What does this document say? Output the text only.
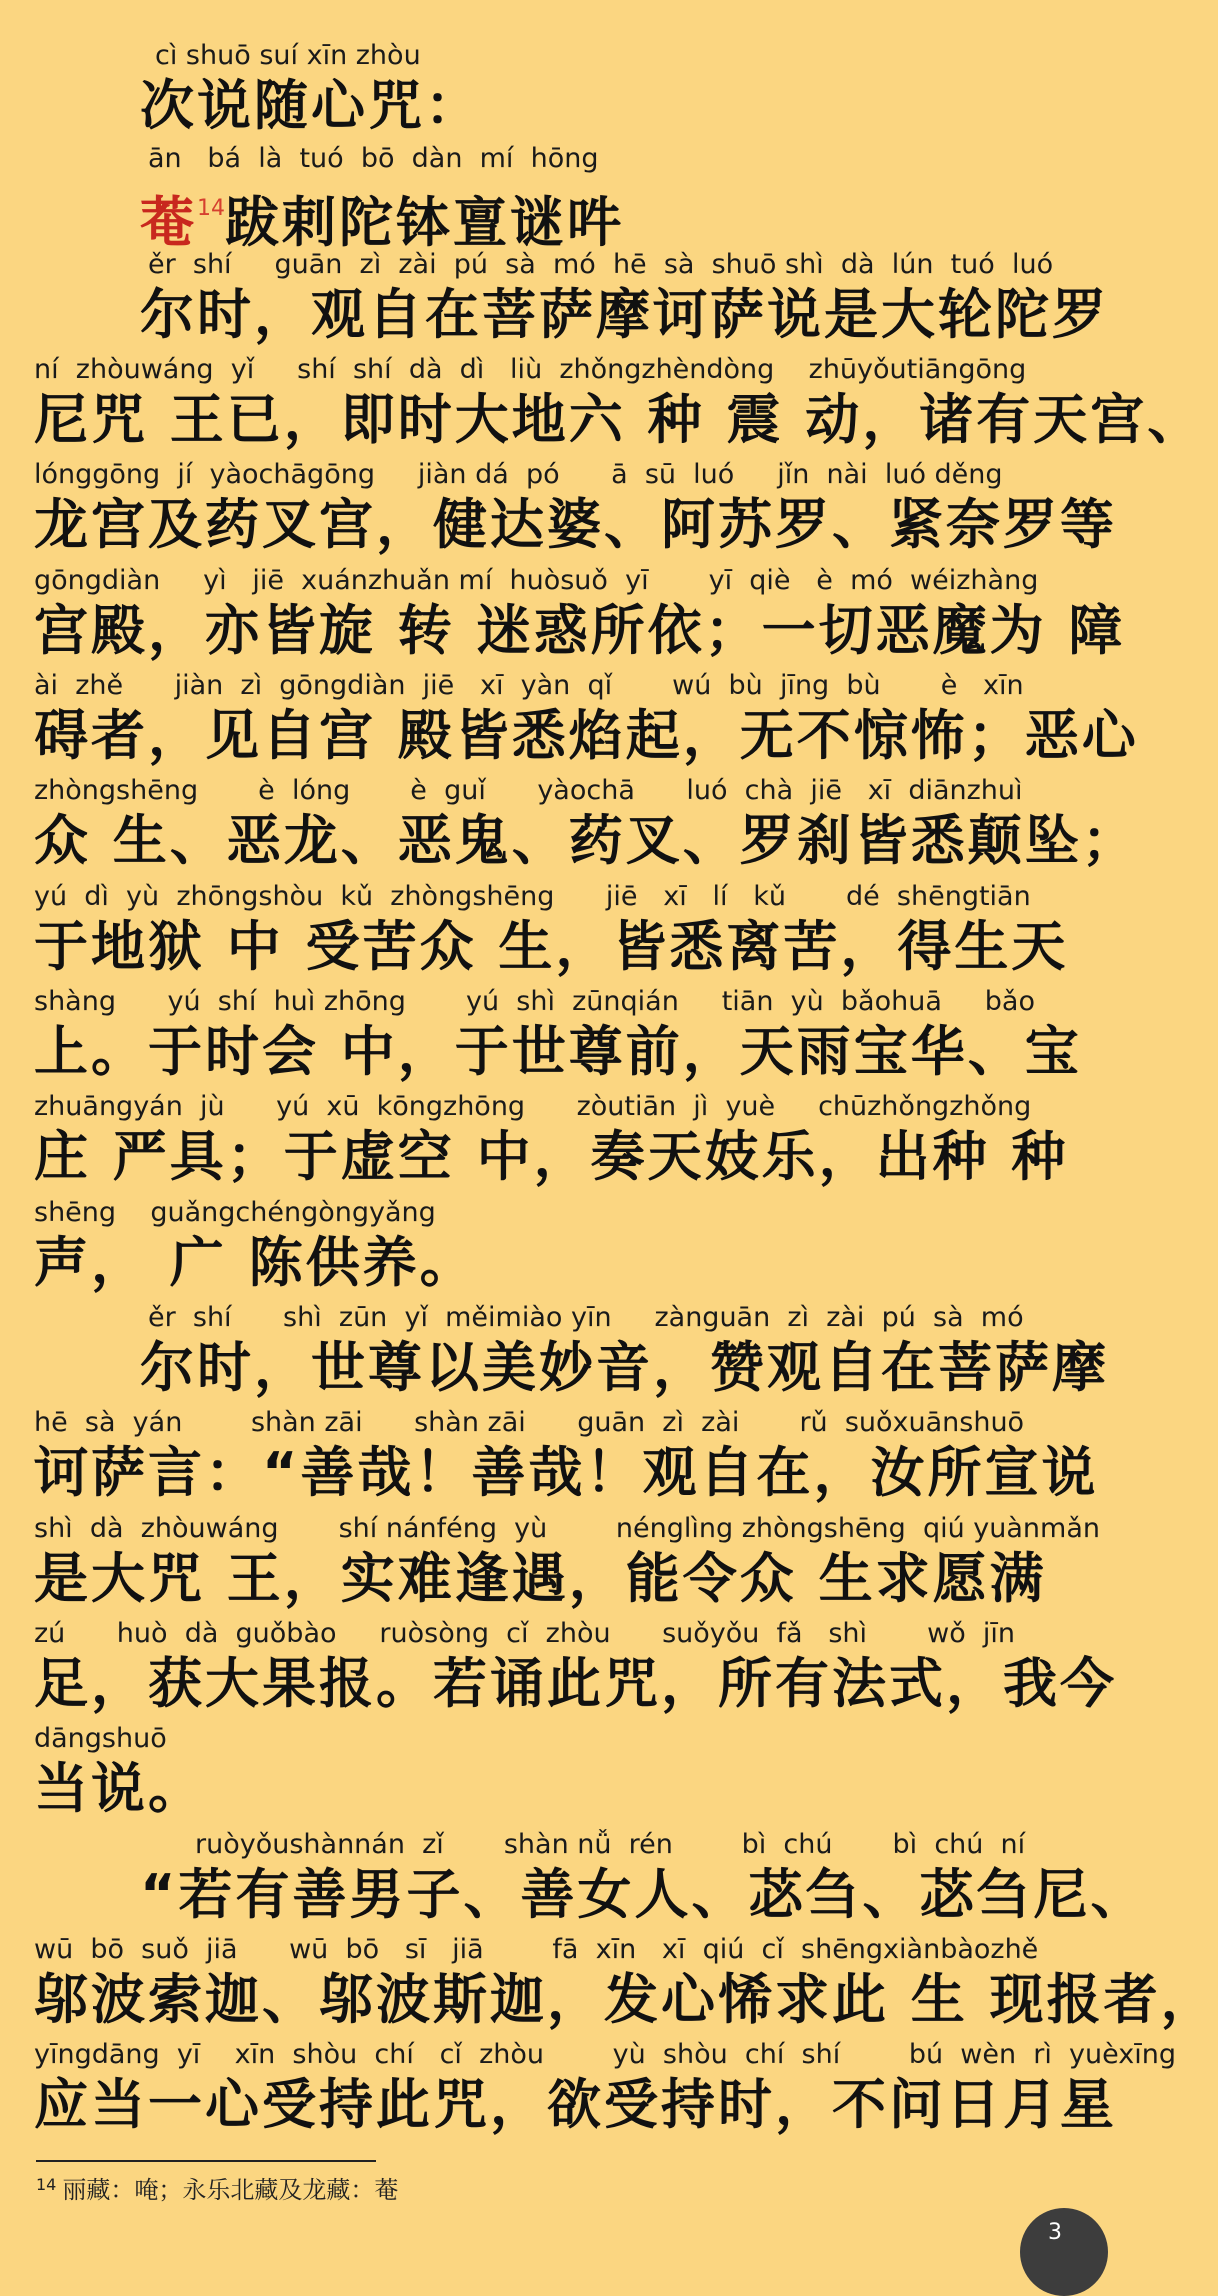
cì shuō suí xīn zhòu
次说随心咒：
ān   bá  là  tuó  bō  dàn  mí  hōng
菴$^{14}$跋剌陀钵亶谜吽
ěr  shí     guān  zì  zài  pú  sà  mó  hē  sà  shuō shì  dà  lún  tuó  luó
尔时，观自在菩萨摩诃萨说是大轮陀罗
ní  zhòuwáng  yǐ     shí  shí  dà  dì   liù  zhǒngzhèndòng    zhūyǒutiāngōng
尼咒 王已，即时大地六 种 震 动，诸有天宫、
lónggōng  jí  yàochāgōng     jiàn dá  pó      ā  sū  luó     jǐn  nài  luó děng
龙宫及药叉宫，健达婆、阿苏罗、紧奈罗等
gōngdiàn     yì   jiē  xuánzhuǎn mí  huòsuǒ  yī       yī  qiè   è  mó  wéizhàng
宫殿，亦皆旋 转 迷惑所依；一切恶魔为 障
ài  zhě      jiàn  zì  gōngdiàn  jiē   xī  yàn  qǐ       wú  bù  jīng  bù       è   xīn
碍者，见自宫 殿皆悉焰起，无不惊怖；恶心
zhòngshēng       è  lóng       è  guǐ      yàochā      luó  chà  jiē   xī  diānzhuì
众 生、恶龙、恶鬼、药叉、罗刹皆悉颠坠；
yú  dì  yù  zhōngshòu  kǔ  zhòngshēng      jiē   xī   lí   kǔ       dé  shēngtiān
于地狱 中 受苦众 生，皆悉离苦，得生天
shàng      yú  shí  huì zhōng       yú  shì  zūnqián     tiān  yù  bǎohuā     bǎo
上。于时会 中，于世尊前，天雨宝华、宝
zhuāngyán  jù      yú  xū  kōngzhōng      zòutiān  jì  yuè     chūzhǒngzhǒng
庄 严具；于虚空 中，奏天妓乐，出种 种
shēng    guǎngchéngòngyǎng
声， 广 陈供养。
ěr  shí      shì  zūn  yǐ  měimiào yīn     zànguān  zì  zài  pú  sà  mó
尔时，世尊以美妙音，赞观自在菩萨摩
hē  sà  yán        shàn zāi      shàn zāi      guān  zì  zài       rǔ  suǒxuānshuō
诃萨言：“善哉！善哉！观自在，汝所宣说
shì  dà  zhòuwáng       shí nánféng  yù        nénglìng zhòngshēng  qiú yuànmǎn
是大咒 王，实难逢遇，能令众 生求愿满
zú      huò  dà  guǒbào     ruòsòng  cǐ  zhòu      suǒyǒu  fǎ   shì       wǒ  jīn
足，获大果报。若诵此咒，所有法式，我今
dāngshuō
当说。
ruòyǒushànnán  zǐ       shàn nǚ  rén        bì  chú       bì  chú  ní
“若有善男子、善女人、苾刍、苾刍尼、
wū  bō  suǒ  jiā      wū  bō   sī   jiā        fā  xīn   xī  qiú  cǐ  shēngxiànbàozhě
邬波索迦、邬波斯迦，发心悕求此 生 现报者，
yīngdāng  yī    xīn  shòu  chí   cǐ  zhòu        yù  shòu  chí  shí        bú  wèn  rì  yuèxīng
应当一心受持此咒，欲受持时，不问日月星
$^{14}$ 丽藏：唵；永乐北藏及龙藏：菴
3
